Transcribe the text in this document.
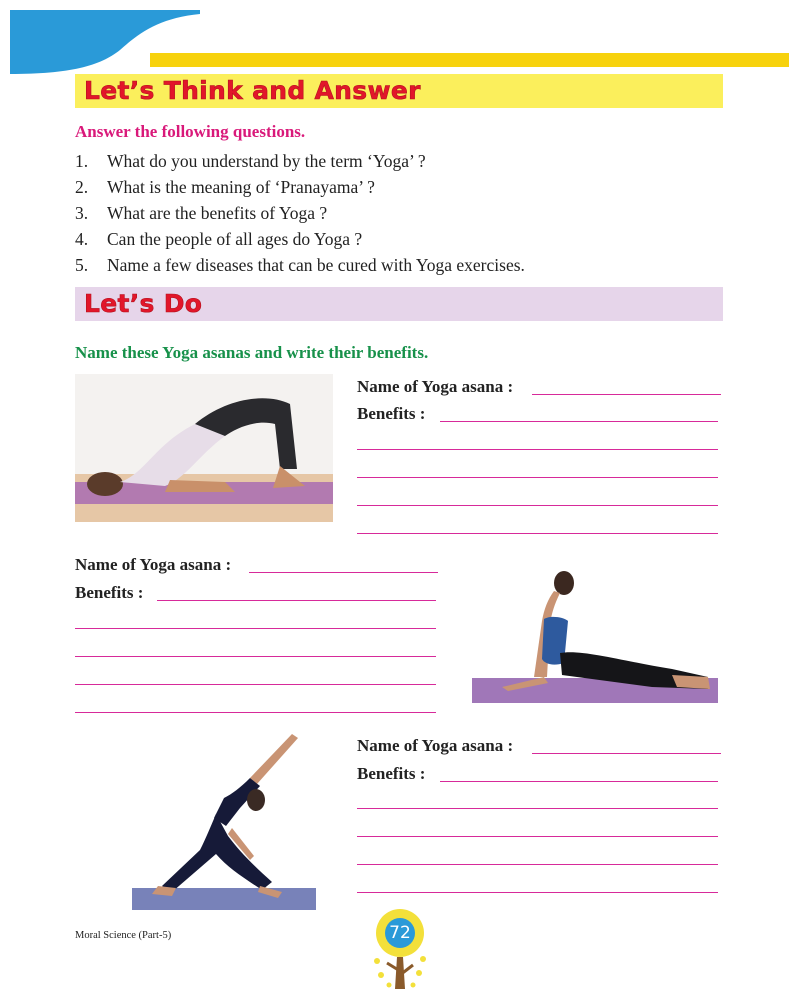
Let’s Think and Answer
Answer the following questions.
1.	What do you understand by the term ‘Yoga’ ?
2.	What is the meaning of ‘Pranayama’ ?
3.	What are the benefits of Yoga ?
4.	Can the people of all ages do Yoga ?
5.	Name a few diseases that can be cured with Yoga exercises.
Let’s Do
Name these Yoga asanas and write their benefits.
Name of Yoga asana :
Benefits :
Name of Yoga asana :
Benefits :
Name of Yoga asana :
Benefits :
Moral Science (Part-5)	72
